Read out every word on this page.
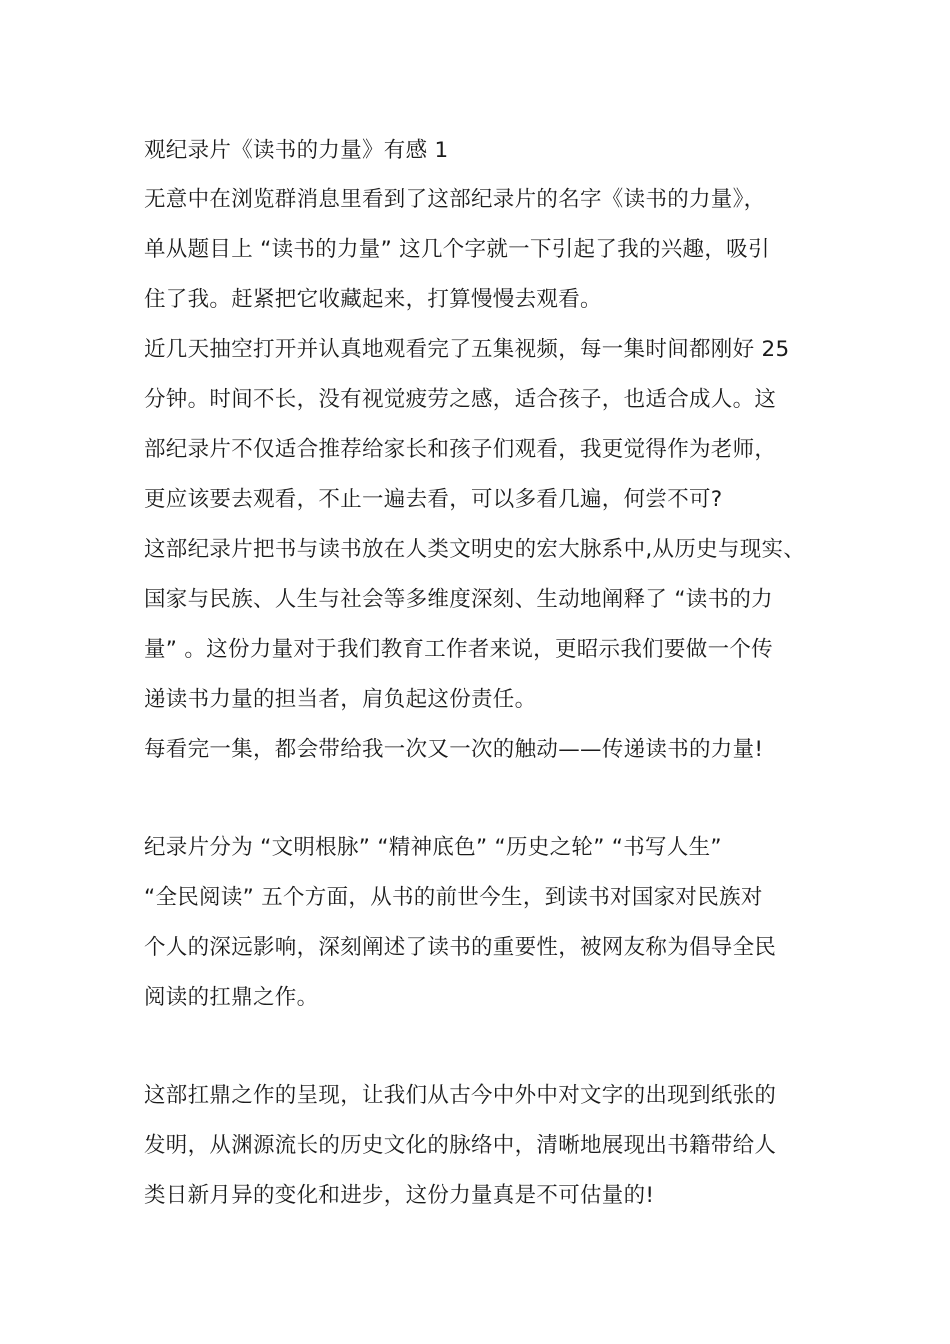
观纪录片《读书的力量》有感 1
无意中在浏览群消息里看到了这部纪录片的名字《读书的力量》，
单从题目上 “读书的力量” 这几个字就一下引起了我的兴趣，吸引
住了我。赶紧把它收藏起来，打算慢慢去观看。
近几天抽空打开并认真地观看完了五集视频，每一集时间都刚好 25
分钟。时间不长，没有视觉疲劳之感，适合孩子，也适合成人。这
部纪录片不仅适合推荐给家长和孩子们观看，我更觉得作为老师，
更应该要去观看，不止一遍去看，可以多看几遍，何尝不可?
这部纪录片把书与读书放在人类文明史的宏大脉系中,从历史与现实、
国家与民族、人生与社会等多维度深刻、生动地阐释了 “读书的力
量” 。这份力量对于我们教育工作者来说，更昭示我们要做一个传
递读书力量的担当者，肩负起这份责任。
每看完一集，都会带给我一次又一次的触动——传递读书的力量!
纪录片分为 “文明根脉” “精神底色” “历史之轮” “书写人生”
“全民阅读” 五个方面，从书的前世今生，到读书对国家对民族对
个人的深远影响，深刻阐述了读书的重要性，被网友称为倡导全民
阅读的扛鼎之作。
这部扛鼎之作的呈现，让我们从古今中外中对文字的出现到纸张的
发明，从渊源流长的历史文化的脉络中，清晰地展现出书籍带给人
类日新月异的变化和进步，这份力量真是不可估量的!
